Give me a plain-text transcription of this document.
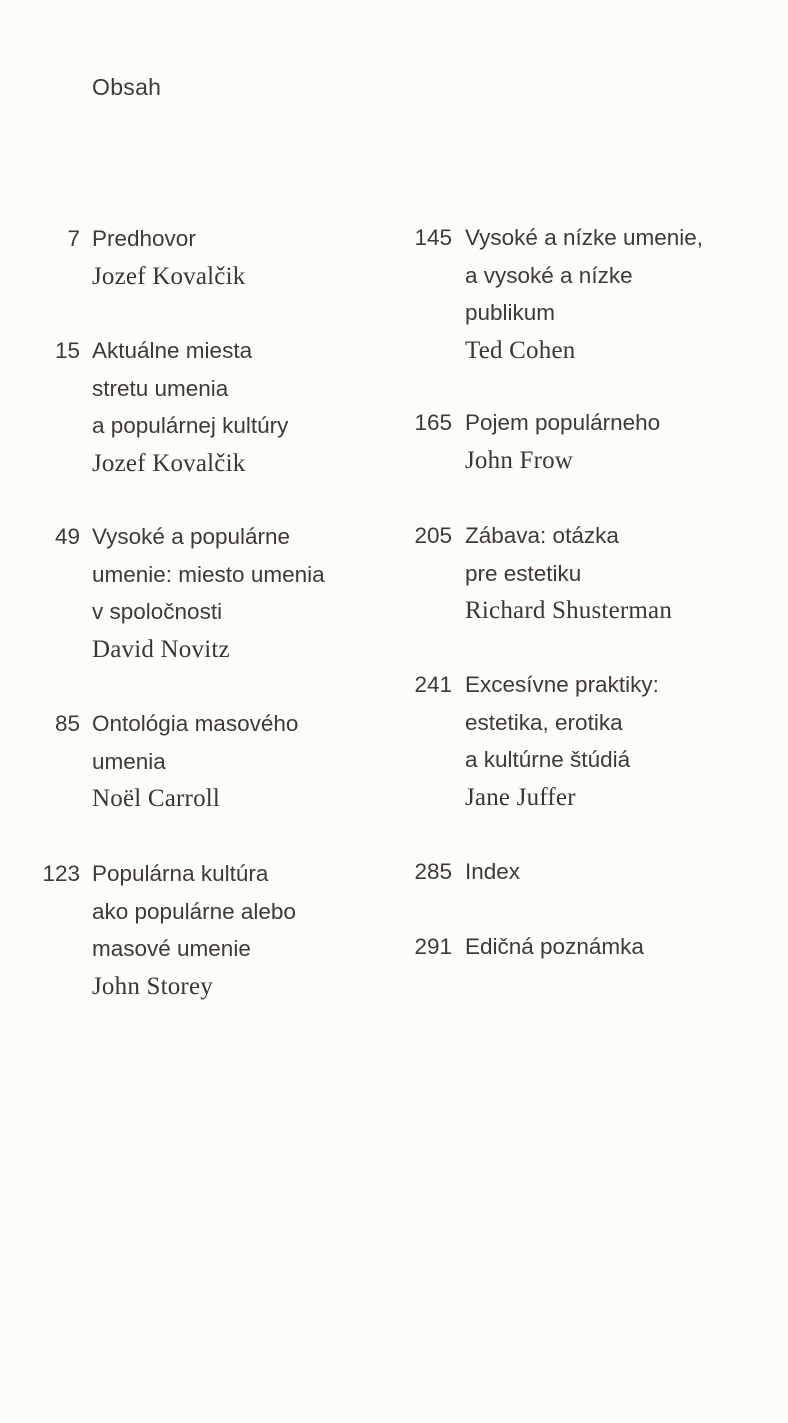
Obsah
7 Predhovor
Jozef Kovalčik
15 Aktuálne miesta
stretu umenia
a populárnej kultúry
Jozef Kovalčik
49 Vysoké a populárne
umenie: miesto umenia
v spoločnosti
David Novitz
85 Ontológia masového
umenia
Noël Carroll
123 Populárna kultúra
ako populárne alebo
masové umenie
John Storey
145 Vysoké a nízke umenie,
a vysoké a nízke
publikum
Ted Cohen
165 Pojem populárneho
John Frow
205 Zábava: otázka
pre estetiku
Richard Shusterman
241 Excesívne praktiky:
estetika, erotika
a kultúrne štúdiá
Jane Juffer
285 Index
291 Edičná poznámka
